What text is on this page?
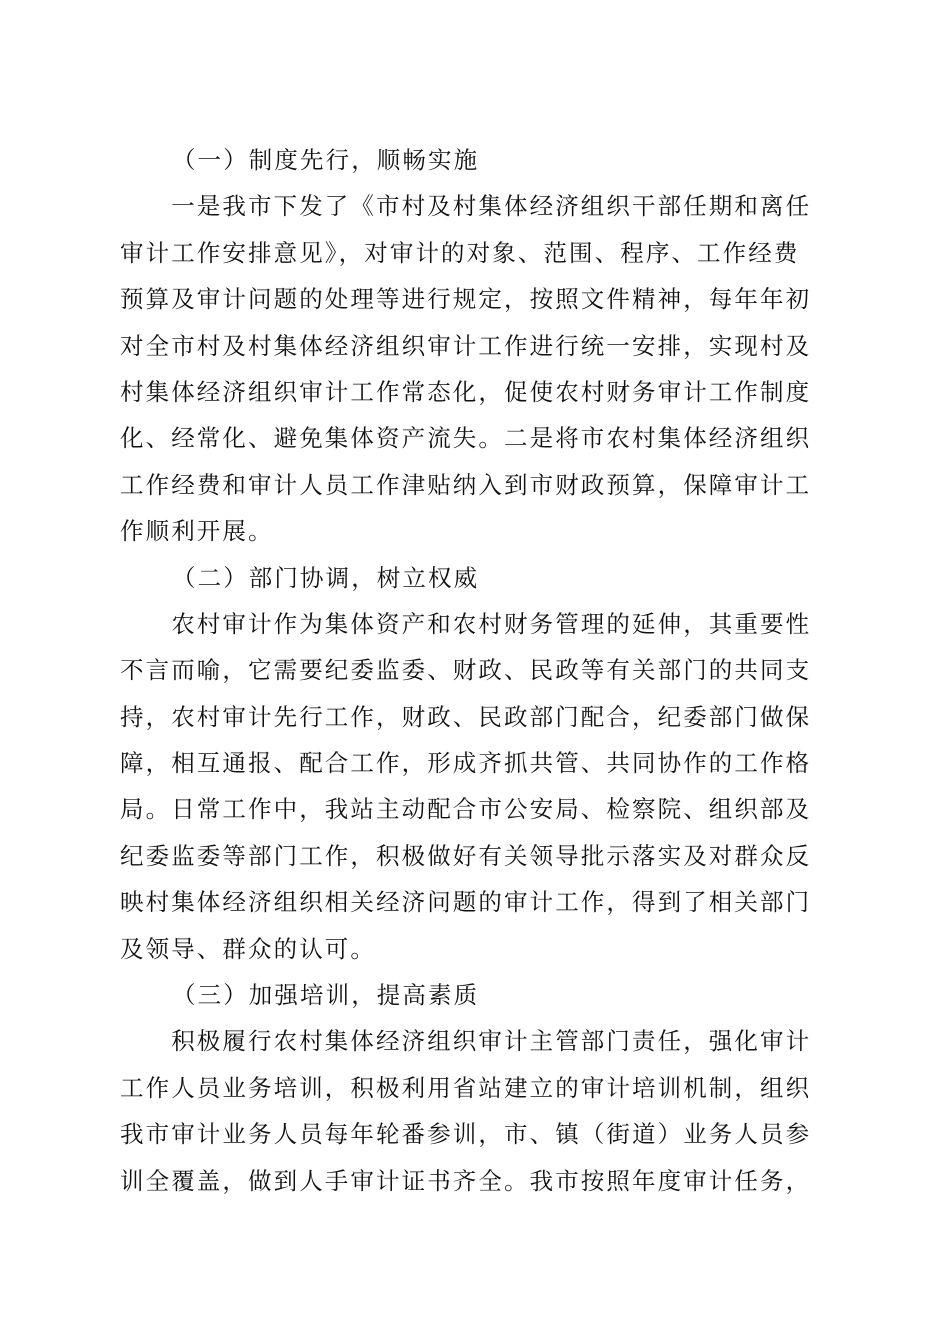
（一）制度先行，顺畅实施
　　一是我市下发了《市村及村集体经济组织干部任期和离任
审计工作安排意见》，对审计的对象、范围、程序、工作经费
预算及审计问题的处理等进行规定，按照文件精神，每年年初
对全市村及村集体经济组织审计工作进行统一安排，实现村及
村集体经济组织审计工作常态化，促使农村财务审计工作制度
化、经常化、避免集体资产流失。二是将市农村集体经济组织
工作经费和审计人员工作津贴纳入到市财政预算，保障审计工
作顺利开展。
（二）部门协调，树立权威
　　农村审计作为集体资产和农村财务管理的延伸，其重要性
不言而喻，它需要纪委监委、财政、民政等有关部门的共同支
持，农村审计先行工作，财政、民政部门配合，纪委部门做保
障，相互通报、配合工作，形成齐抓共管、共同协作的工作格
局。日常工作中，我站主动配合市公安局、检察院、组织部及
纪委监委等部门工作，积极做好有关领导批示落实及对群众反
映村集体经济组织相关经济问题的审计工作，得到了相关部门
及领导、群众的认可。
（三）加强培训，提高素质
　　积极履行农村集体经济组织审计主管部门责任，强化审计
工作人员业务培训，积极利用省站建立的审计培训机制，组织
我市审计业务人员每年轮番参训，市、镇（街道）业务人员参
训全覆盖，做到人手审计证书齐全。我市按照年度审计任务，
